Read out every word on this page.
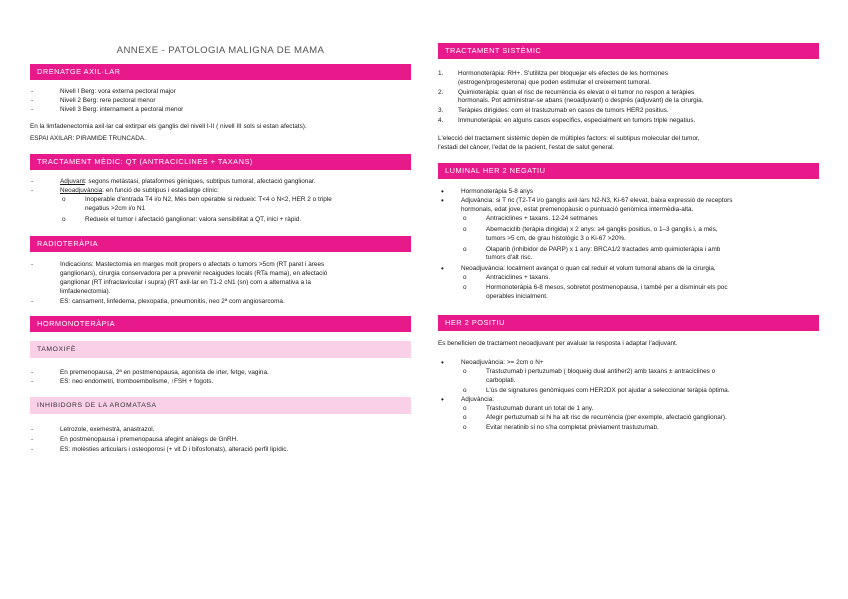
ANNEXE - PATOLOGIA MALIGNA DE MAMA
DRENATGE AXIL·LAR
- Nivell I Berg: vora externa pectoral major
- Nivell 2 Berg: rere pectoral menor
- Nivell 3 Berg: internament a pectoral menor

En la limfadenectomia axil·lar cal extirpar els ganglis del nivell I-II ( nivell III sols si estan afectats).

ESPAI AXILAR: PIRAMIDE TRUNCADA.

TRACTAMENT MÈDIC: QT (ANTRACICLINES + TAXANS)
- Adjuvant: segons metàstasi, plataformes gèniques, subtipus tumoral, afectació ganglionar.
- Neoadjuvància: en funció de subtipus i estadiatge clínic:
o	Inoperable d'entrada T4 i/o N2, Més ben operable si redueix: T<4 o N<2, HER 2 o triple
negatius >2cm i/o N1
o	Redueix el tumor i afectació ganglionar: valora sensibilitat a QT, inici + ràpid.
RADIOTERÀPIA
- Indicacions: Mastectomia en marges molt propers o afectats o tumors >5cm (RT paret i àrees
ganglionars), cirurgia conservadora per a prevenir recaigudes locals (RTa mama), en afectació
ganglionar (RT infraclavicular i supra) (RT axil·lar en T1-2 cN1 (sn) com a alternativa a la
limfadenectomia).
- ES: cansament, linfedema, plexopatia, pneumonitis, neo 2ª com angiosarcoma.
HORMONOTERÀPIA
TAMOXIFÈ
- En premenopausa, 2ª en postmenopausa, agonista de irter, fetge, vagina.
- ES: neo endometri, tromboembolisme, ↑FSH + fogots.
INHIBIDORS DE LA AROMATASA
- Letrozole, exemestrà, anastrazol.
- En postmenopausa i premenopausa afegint anàlegs de GnRH.
- ES: molèsties articulars i osteoporosi (+ vit D i bifosfonats), alteració perfil lipídic.
TRACTAMENT SISTÈMIC
1. Hormonoteràpia: RH+. S'utilitza per bloquejar els efectes de les hormones
(estrogen/progesterona) que poden estimular el creixement tumoral.
2. Quimioteràpia: quan el risc de recurrència és elevat o el tumor no respon a teràpies
hormonals. Pot administrar-se abans (neoadjuvant) o després (adjuvant) de la cirurgia.
3. Teràpies dirigides: com el trastuzumab en casos de tumors HER2 positius.
4. Immunoteràpia: en alguns casos específics, especialment en tumors triple negatius.

L'elecció del tractament sistèmic depèn de múltiples factors: el subtipus molecular del tumor,
l'estadi del càncer, l'edat de la pacient, l'estat de salut general.

LUMINAL HER 2 NEGATIU
• Hormonoteràpia 5-8 anys
• Adjuvància: si T ric (T2-T4 i/o ganglis axil·lars N2-N3, Ki-67 elevat, baixa expressió de receptors
hormonals, edat jove, estat premenopàusic o puntuació genòmica intermèdia-alta.
o	Antraciclines + taxans. 12-24 setmanes
o	Abemaciclib (teràpia dirigida) x 2 anys: ≥4 ganglis positius, o 1–3 ganglis i, a més,
tumors >5 cm, de grau histològic 3 o Ki-67 >20%.
o	Olaparib (inhibidor de PARP) x 1 any: BRCA1/2 tractades amb quimioteràpia i amb
tumors d'alt risc.
• Neoadjuvància: localment avançat o quan cal reduir el volum tumoral abans de la cirurgia,
o	Antraciclines + taxans.
o	Hormonoteràpia 6-8 mesos, sobretot postmenopausa, i també per a disminuir els poc
operables inicialment.
HER 2 POSITIU

Es beneficien de tractament neoadjuvant per avaluar la resposta i adaptar l'adjuvant.

• Neoadjuvància: >= 2cm o N+
o	Trastuzumab i pertuzumab ( bloqueig dual antiher2) amb taxans ± antraciclines o
carboplati.
o	L'ús de signatures genòmiques com HER2DX pot ajudar a seleccionar teràpia òptima.
• Adjuvància:
o	Trastuzumab durant un total de 1 any.
o	Afegir pertuzumab si hi ha alt risc de recurrència (per exemple, afectació ganglionar).
o	Evitar neratinib si no s'ha completat prèviament trastuzumab.
